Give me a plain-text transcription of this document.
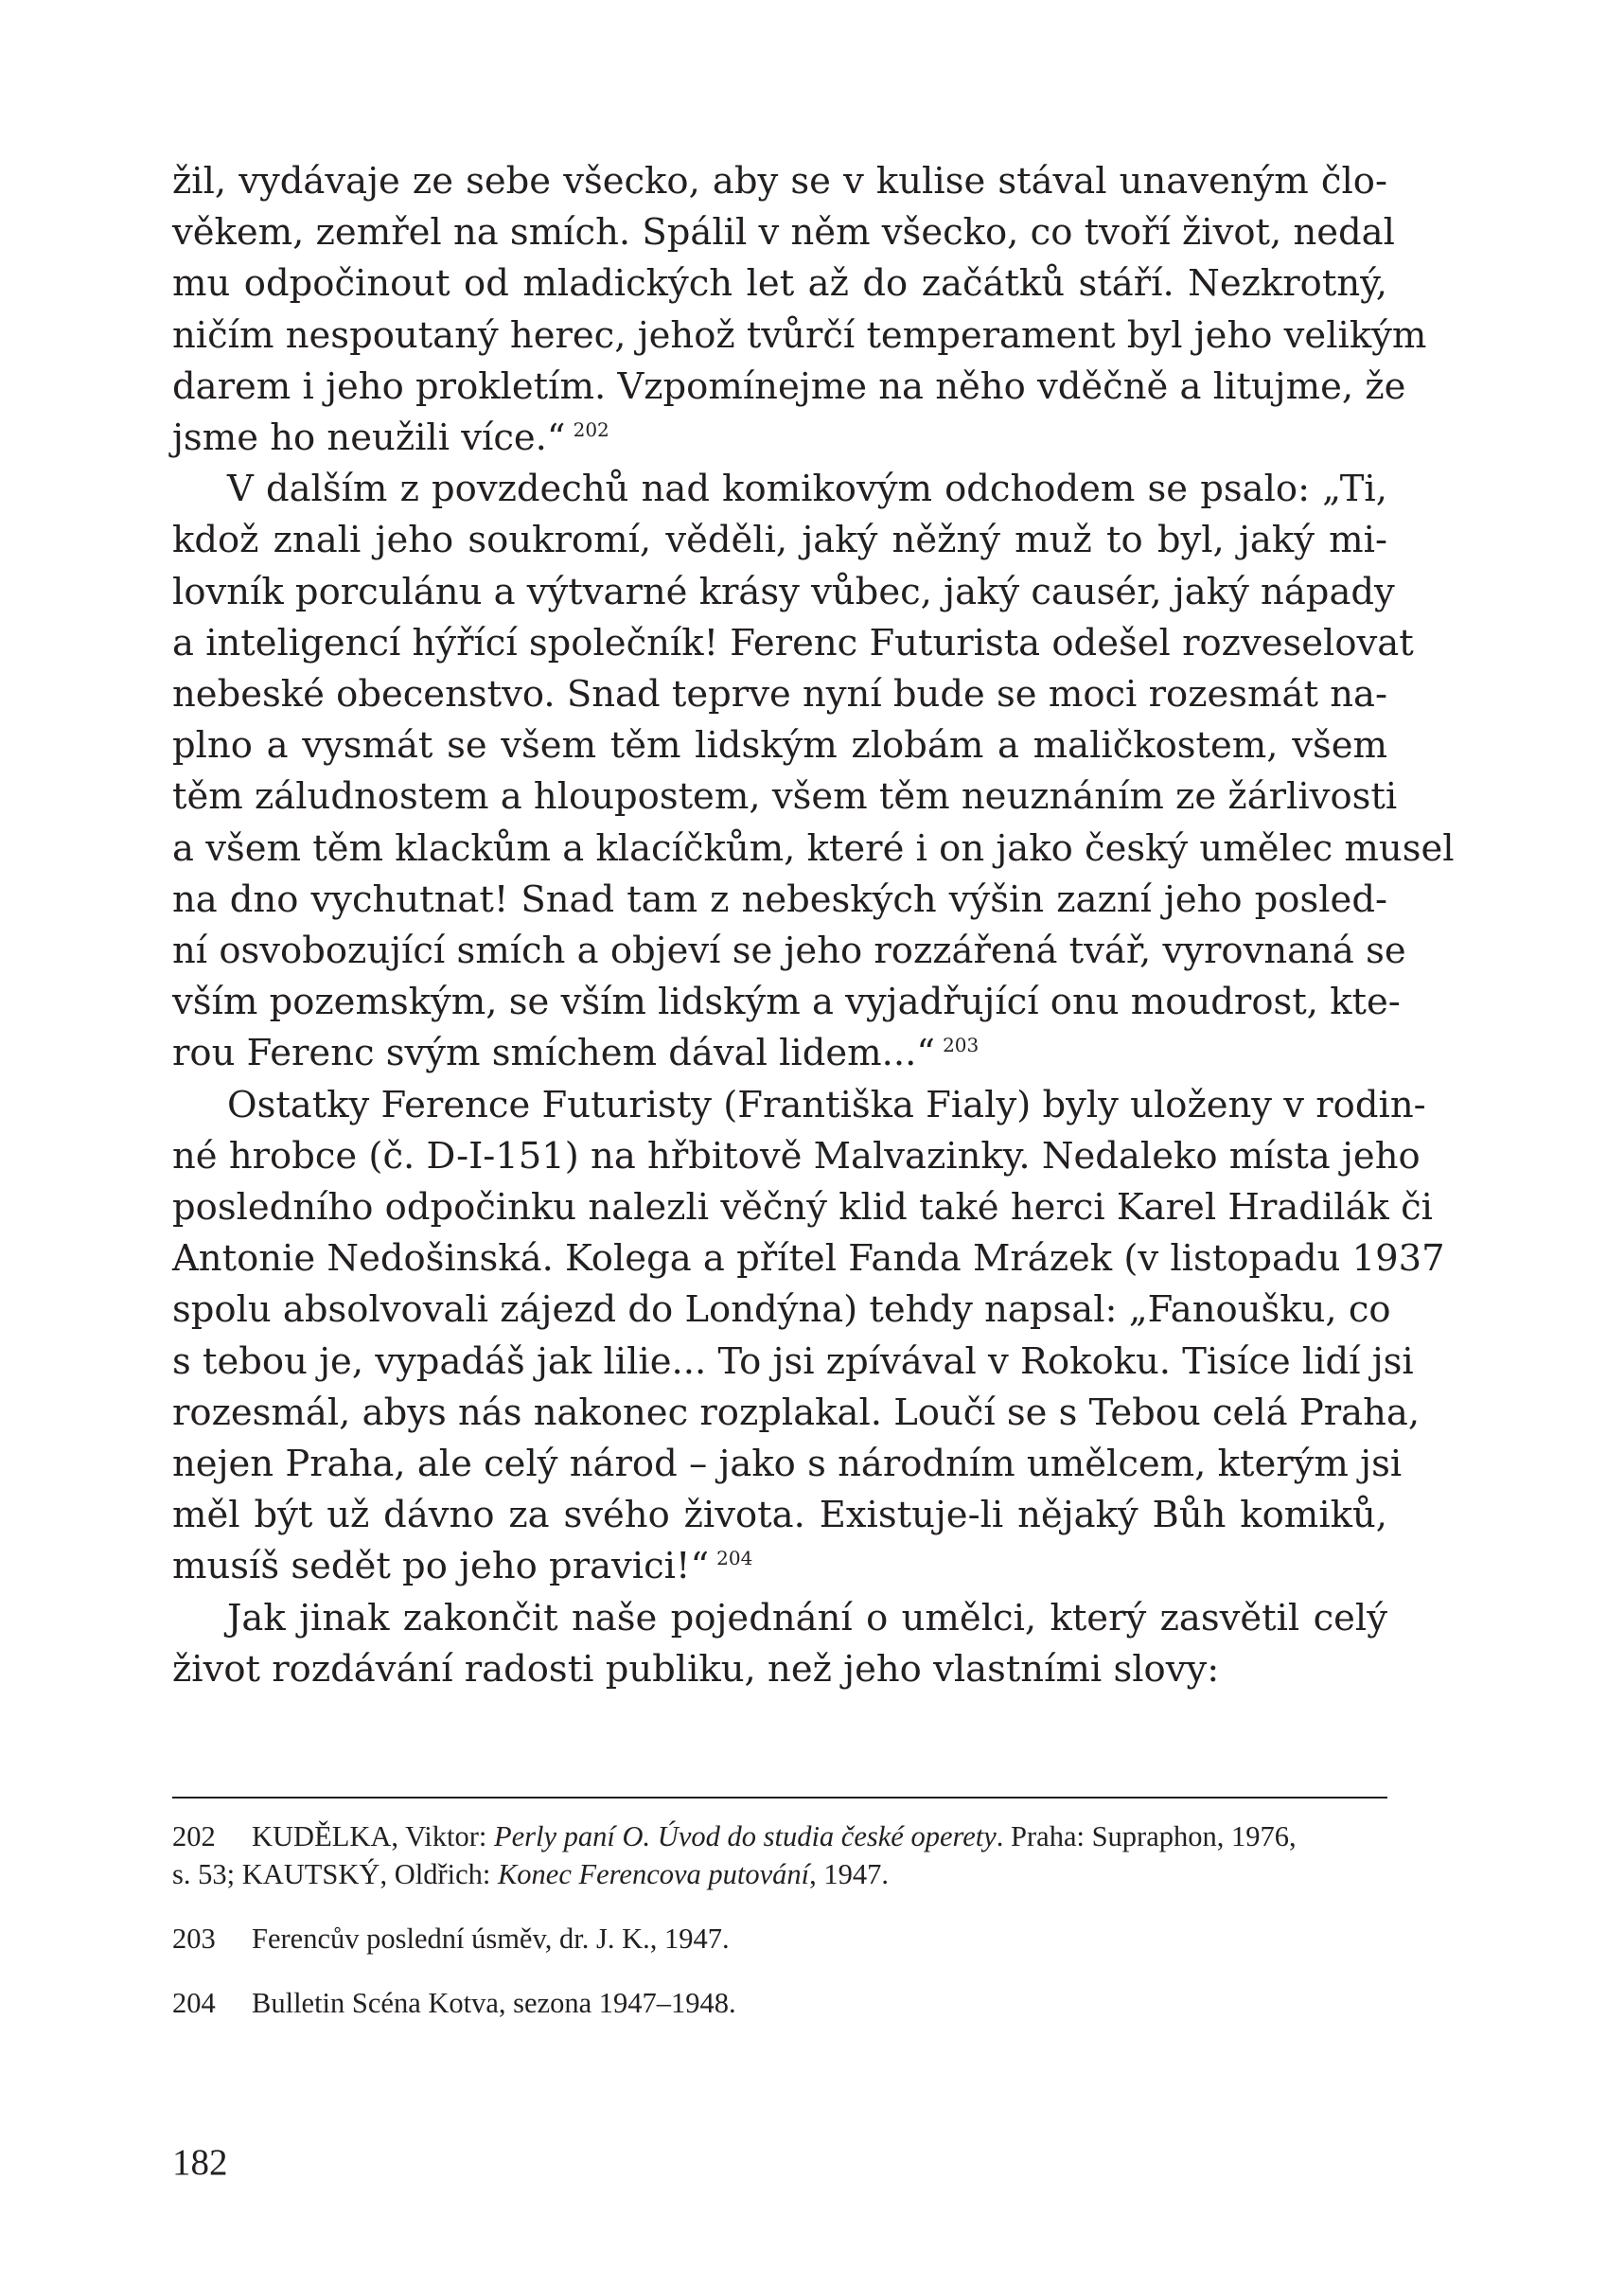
žil, vydávaje ze sebe všecko, aby se v kulise stával unaveným člo-
věkem, zemřel na smích. Spálil v něm všecko, co tvoří život, nedal
mu odpočinout od mladických let až do začátků stáří. Nezkrotný,
ničím nespoutaný herec, jehož tvůrčí temperament byl jeho velikým
darem i jeho prokletím. Vzpomínejme na něho vděčně a litujme, že
jsme ho neužili více.“ $^{202}$

V dalším z povzdechů nad komikovým odchodem se psalo: „Ti,
kdož znali jeho soukromí, věděli, jaký něžný muž to byl, jaký mi-
lovník porculánu a výtvarné krásy vůbec, jaký causér, jaký nápady
a inteligencí hýřící společník! Ferenc Futurista odešel rozveselovat
nebeské obecenstvo. Snad teprve nyní bude se moci rozesmát na-
plno a vysmát se všem těm lidským zlobám a maličkostem, všem
těm záludnostem a hloupostem, všem těm neuznáním ze žárlivosti
a všem těm klackům a klacíčkům, které i on jako český umělec musel
na dno vychutnat! Snad tam z nebeských výšin zazní jeho posled-
ní osvobozující smích a objeví se jeho rozzářená tvář, vyrovnaná se
vším pozemským, se vším lidským a vyjadřující onu moudrost, kte-
rou Ferenc svým smíchem dával lidem...“ $^{203}$

Ostatky Ference Futuristy (Františka Fialy) byly uloženy v rodin-
né hrobce (č. D-I-151) na hřbitově Malvazinky. Nedaleko místa jeho
posledního odpočinku nalezli věčný klid také herci Karel Hradilák či
Antonie Nedošinská. Kolega a přítel Fanda Mrázek (v listopadu 1937
spolu absolvovali zájezd do Londýna) tehdy napsal: „Fanoušku, co
s tebou je, vypadáš jak lilie... To jsi zpívával v Rokoku. Tisíce lidí jsi
rozesmál, abys nás nakonec rozplakal. Loučí se s Tebou celá Praha,
nejen Praha, ale celý národ – jako s národním umělcem, kterým jsi
měl být už dávno za svého života. Existuje-li nějaký Bůh komiků,
musíš sedět po jeho pravici!“ $^{204}$

Jak jinak zakončit naše pojednání o umělci, který zasvětil celý
život rozdávání radosti publiku, než jeho vlastními slovy:

202 KUDĚLKA, Viktor: Perly paní O. Úvod do studia české operety. Praha: Supraphon, 1976,
s. 53; KAUTSKÝ, Oldřich: Konec Ferencova putování, 1947.

203 Ferencův poslední úsměv, dr. J. K., 1947.

204 Bulletin Scéna Kotva, sezona 1947–1948.

182
